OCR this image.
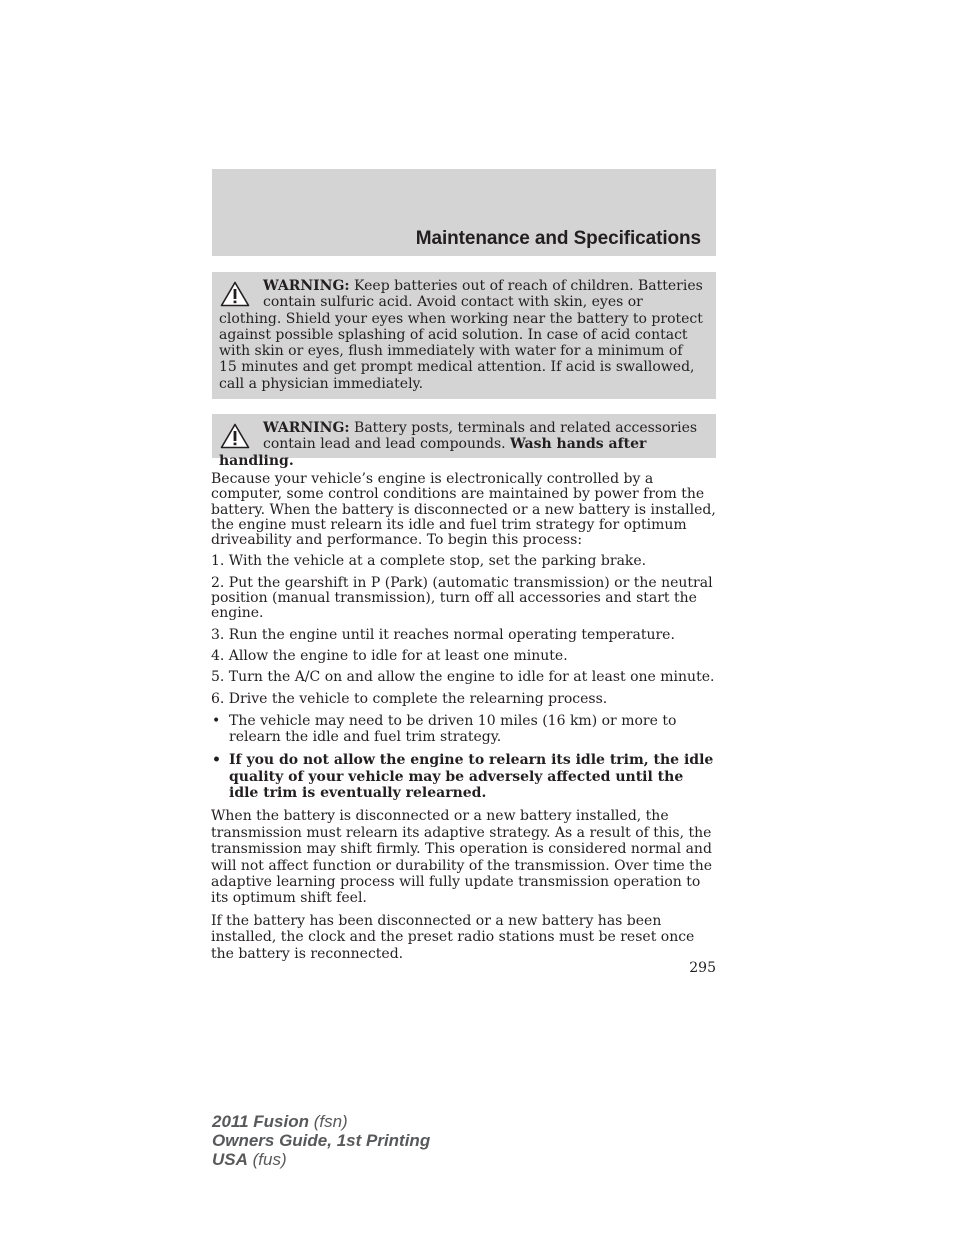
Maintenance and Specifications
WARNING: Keep batteries out of reach of children. Batteries contain sulfuric acid. Avoid contact with skin, eyes or clothing. Shield your eyes when working near the battery to protect against possible splashing of acid solution. In case of acid contact with skin or eyes, flush immediately with water for a minimum of 15 minutes and get prompt medical attention. If acid is swallowed, call a physician immediately.
WARNING: Battery posts, terminals and related accessories contain lead and lead compounds. Wash hands after handling.

Because your vehicle’s engine is electronically controlled by a computer, some control conditions are maintained by power from the battery. When the battery is disconnected or a new battery is installed, the engine must relearn its idle and fuel trim strategy for optimum driveability and performance. To begin this process:

1. With the vehicle at a complete stop, set the parking brake.
2. Put the gearshift in P (Park) (automatic transmission) or the neutral position (manual transmission), turn off all accessories and start the engine.
3. Run the engine until it reaches normal operating temperature.
4. Allow the engine to idle for at least one minute.
5. Turn the A/C on and allow the engine to idle for at least one minute.
6. Drive the vehicle to complete the relearning process.
• The vehicle may need to be driven 10 miles (16 km) or more to relearn the idle and fuel trim strategy.
• If you do not allow the engine to relearn its idle trim, the idle quality of your vehicle may be adversely affected until the idle trim is eventually relearned.

When the battery is disconnected or a new battery installed, the transmission must relearn its adaptive strategy. As a result of this, the transmission may shift firmly. This operation is considered normal and will not affect function or durability of the transmission. Over time the adaptive learning process will fully update transmission operation to its optimum shift feel.

If the battery has been disconnected or a new battery has been installed, the clock and the preset radio stations must be reset once the battery is reconnected.

295
2011 Fusion (fsn)
Owners Guide, 1st Printing
USA (fus)
